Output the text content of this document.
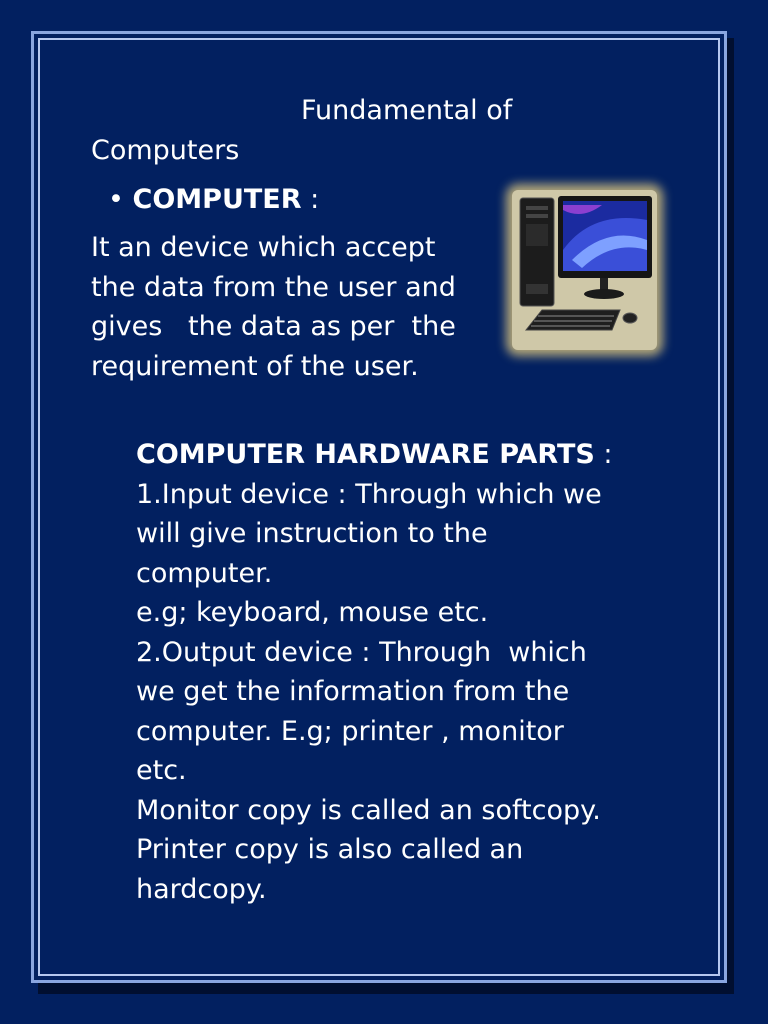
Fundamental of
Computers
• COMPUTER :
It an device which accept
the data from the user and
gives   the data as per  the
requirement of the user.
COMPUTER HARDWARE PARTS :
1.Input device : Through which we
will give instruction to the
computer.
e.g; keyboard, mouse etc.
2.Output device : Through  which
we get the information from the
computer. E.g; printer , monitor
etc.
Monitor copy is called an softcopy.
Printer copy is also called an
hardcopy.
